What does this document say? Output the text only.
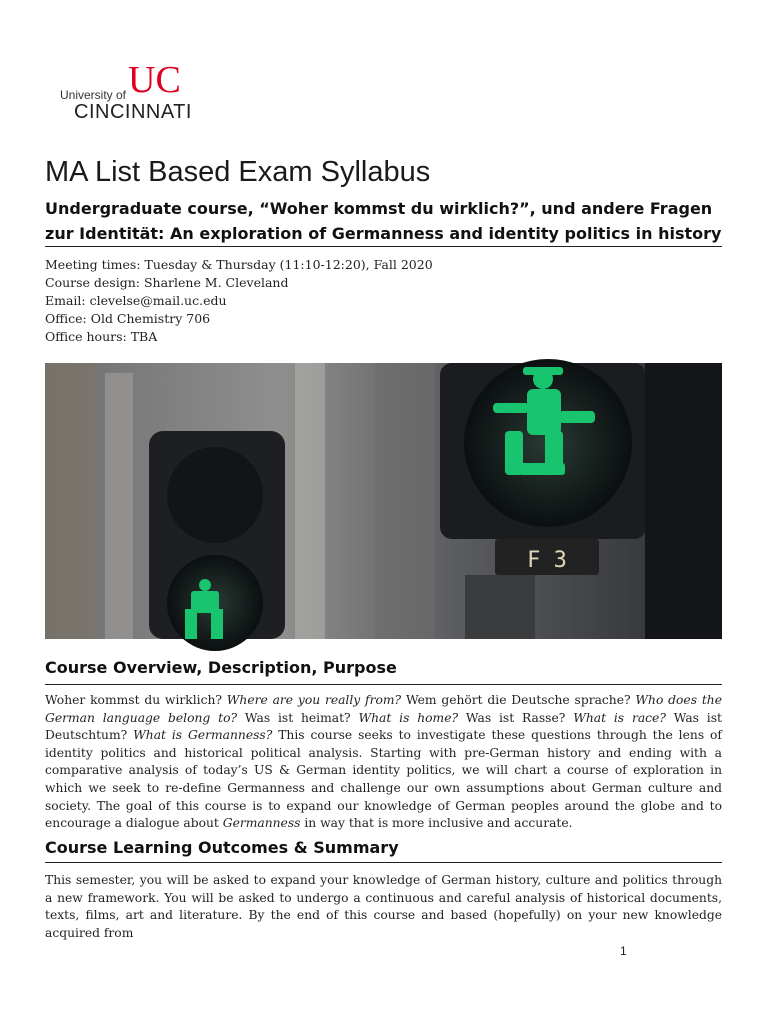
UC
University of
CINCINNATI
MA List Based Exam Syllabus
Undergraduate course, “Woher kommst du wirklich?”, und andere Fragen zur Identität: An exploration of Germanness and identity politics in history
Meeting times: Tuesday & Thursday (11:10-12:20), Fall 2020
Course design: Sharlene M. Cleveland
Email: clevelse@mail.uc.edu
Office: Old Chemistry 706
Office hours: TBA
F 3
Course Overview, Description, Purpose
Woher kommst du wirklich? Where are you really from? Wem gehört die Deutsche sprache? Who does the German language belong to? Was ist heimat? What is home? Was ist Rasse? What is race? Was ist Deutschtum? What is Germanness? This course seeks to investigate these questions through the lens of identity politics and historical political analysis. Starting with pre-German history and ending with a comparative analysis of today’s US & German identity politics, we will chart a course of exploration in which we seek to re-define Germanness and challenge our own assumptions about German culture and society. The goal of this course is to expand our knowledge of German peoples around the globe and to encourage a dialogue about Germanness in way that is more inclusive and accurate.
Course Learning Outcomes & Summary
This semester, you will be asked to expand your knowledge of German history, culture and politics through a new framework. You will be asked to undergo a continuous and careful analysis of historical documents, texts, films, art and literature. By the end of this course and based (hopefully) on your new knowledge acquired from
1
